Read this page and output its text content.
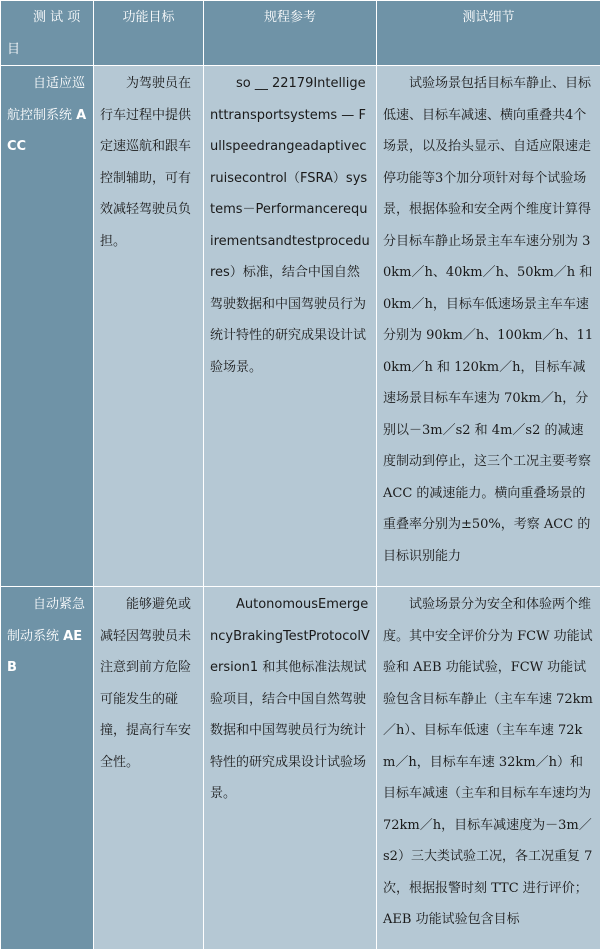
测 试 项 目	功能目标	规程参考	测试细节
自适应巡航控制系统 ACC	为驾驶员在行车过程中提供定速巡航和跟车控制辅助，可有效减轻驾驶员负担。	so __ 22179Intelligenttransportsystems — Fullspeedrangeadaptivecruisecontrol（FSRA）systems－Performancerequirementsandtestprocedures）标准，结合中国自然驾驶数据和中国驾驶员行为统计特性的研究成果设计试验场景。	试验场景包括目标车静止、目标低速、目标车减速、横向重叠共4个场景，以及抬头显示、自适应限速走停功能等3个加分项针对每个试验场景，根据体验和安全两个维度计算得分目标车静止场景主车车速分别为 30km／h、40km／h、50km／h 和 0km／h，目标车低速场景主车车速分别为 90km／h、100km／h、110km／h 和 120km／h，目标车减速场景目标车车速为 70km／h，分别以－3m／s2 和 4m／s2 的减速度制动到停止，这三个工况主要考察 ACC 的减速能力。横向重叠场景的重叠率分别为±50%，考察 ACC 的目标识别能力
自动紧急制动系统 AEB	能够避免或减轻因驾驶员未注意到前方危险可能发生的碰撞，提高行车安全性。	AutonomousEmergencyBrakingTestProtocolVersion1 和其他标准法规试验项目，结合中国自然驾驶数据和中国驾驶员行为统计特性的研究成果设计试验场景。	试验场景分为安全和体验两个维度。其中安全评价分为 FCW 功能试验和 AEB 功能试验，FCW 功能试验包含目标车静止（主车车速 72km／h）、目标车低速（主车车速 72km／h，目标车车速 32km／h）和目标车减速（主车和目标车车速均为 72km／h，目标车减速度为－3m／s2）三大类试验工况，各工况重复 7 次，根据报警时刻 TTC 进行评价；AEB 功能试验包含目标
